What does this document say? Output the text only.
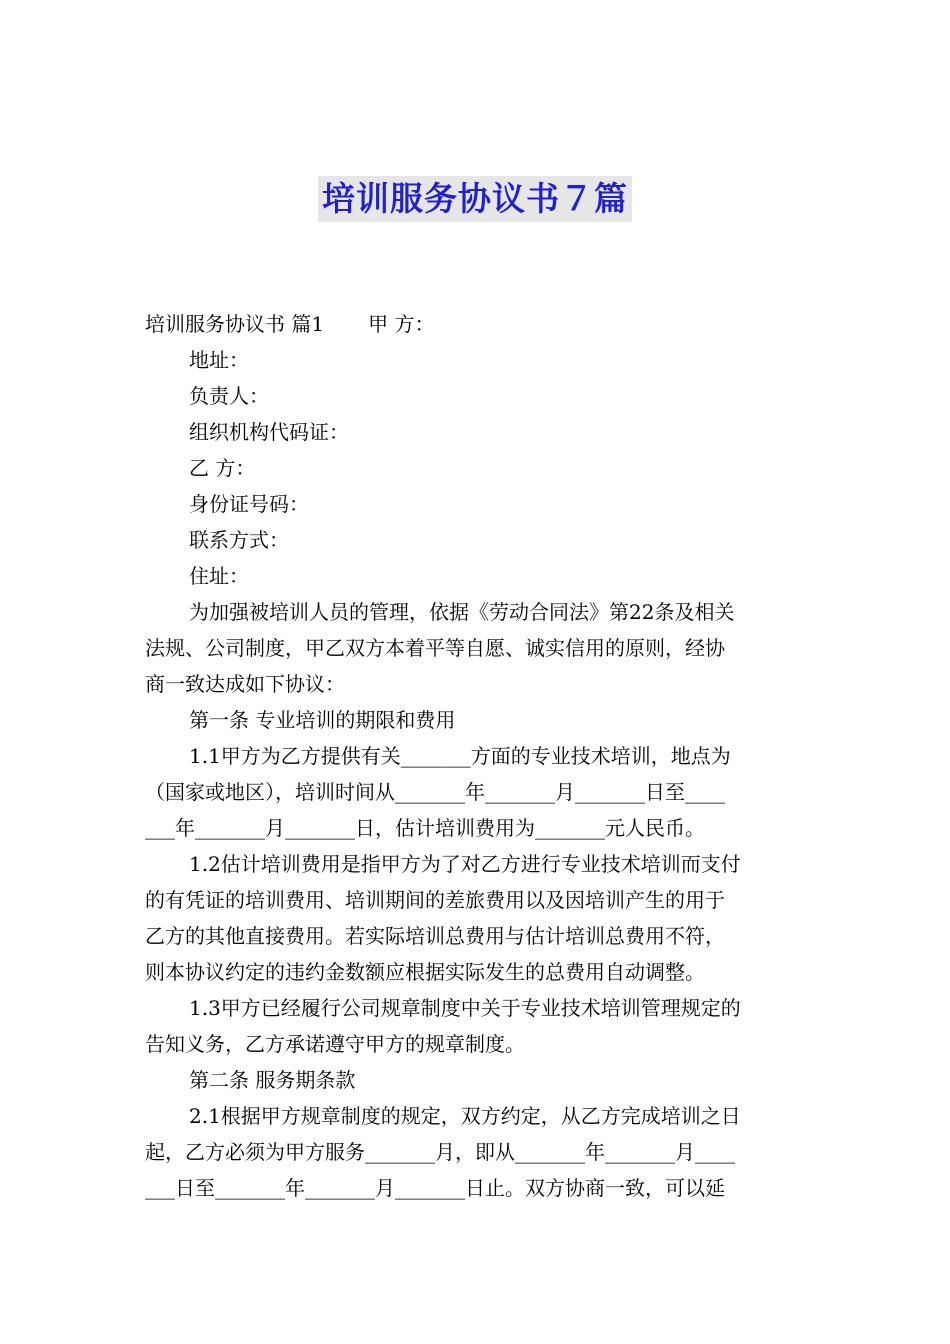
培训服务协议书７篇
培训服务协议书 篇1 甲 方：
地址：
负责人：
组织机构代码证：
乙 方：
身份证号码：
联系方式：
住址：
为加强被培训人员的管理，依据《劳动合同法》第22条及相关
法规、公司制度，甲乙双方本着平等自愿、诚实信用的原则，经协
商一致达成如下协议：
第一条 专业培训的期限和费用
1.1甲方为乙方提供有关_______方面的专业技术培训，地点为
（国家或地区），培训时间从_______年_______月_______日至____
___年_______月_______日，估计培训费用为_______元人民币。
1.2估计培训费用是指甲方为了对乙方进行专业技术培训而支付
的有凭证的培训费用、培训期间的差旅费用以及因培训产生的用于
乙方的其他直接费用。若实际培训总费用与估计培训总费用不符，
则本协议约定的违约金数额应根据实际发生的总费用自动调整。
1.3甲方已经履行公司规章制度中关于专业技术培训管理规定的
告知义务，乙方承诺遵守甲方的规章制度。
第二条 服务期条款
2.1根据甲方规章制度的规定，双方约定，从乙方完成培训之日
起，乙方必须为甲方服务_______月，即从_______年_______月____
___日至_______年_______月_______日止。双方协商一致，可以延
